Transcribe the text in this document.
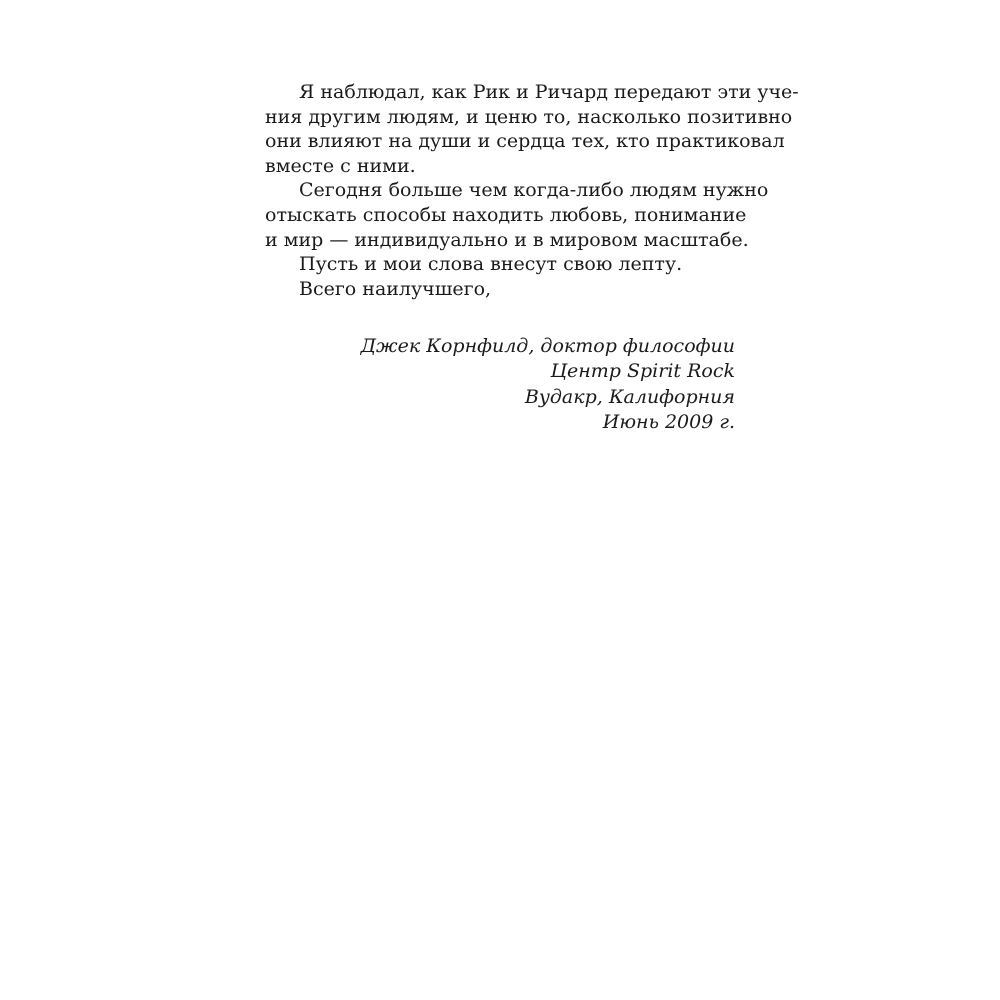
Я наблюдал, как Рик и Ричард передают эти уче-
ния другим людям, и ценю то, насколько позитивно
они влияют на души и сердца тех, кто практиковал
вместе с ними.
Сегодня больше чем когда-либо людям нужно
отыскать способы находить любовь, понимание
и мир — индивидуально и в мировом масштабе.
Пусть и мои слова внесут свою лепту.
Всего наилучшего,
Джек Корнфилд, доктор философии
Центр Spirit Rock
Вудакр, Калифорния
Июнь 2009 г.
